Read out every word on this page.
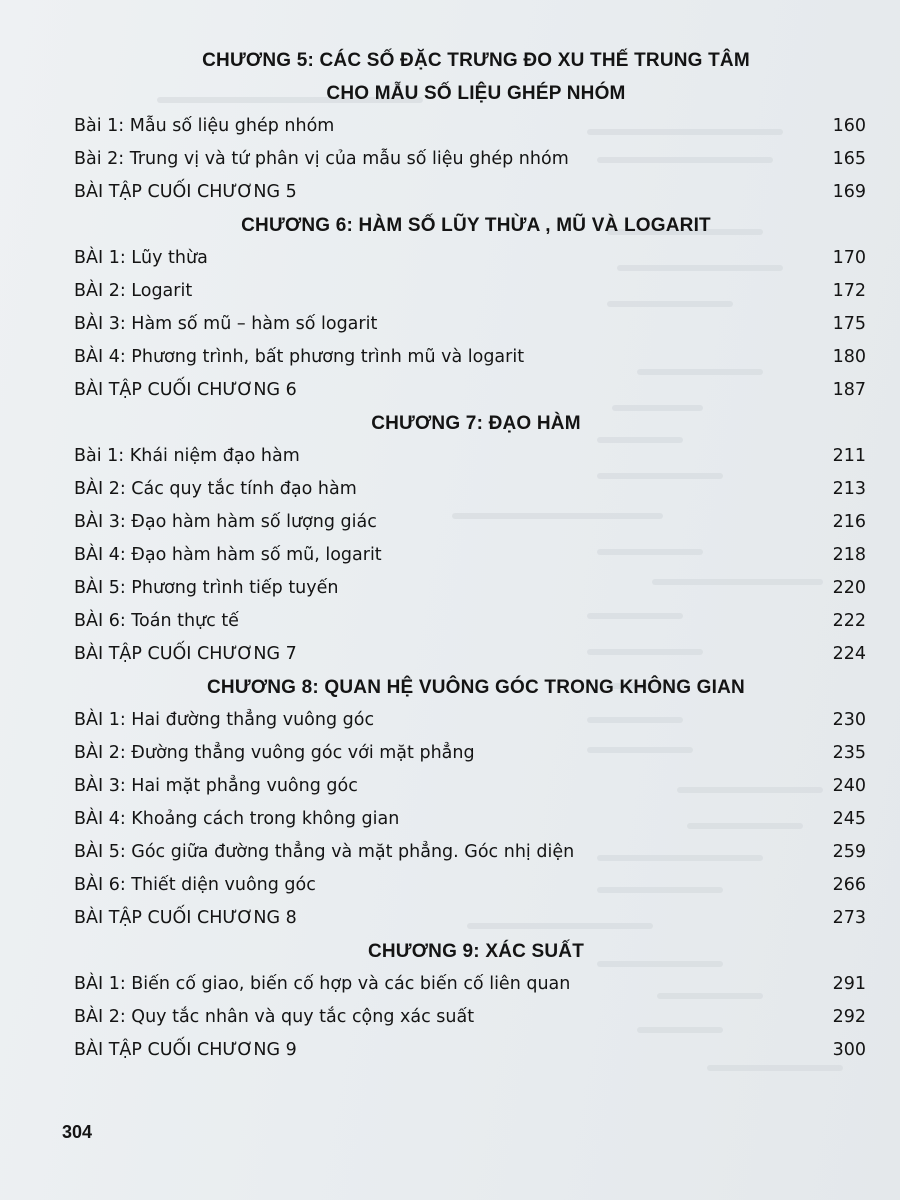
CHƯƠNG 5: CÁC SỐ ĐẶC TRƯNG ĐO XU THẾ TRUNG TÂM
CHO MẪU SỐ LIỆU GHÉP NHÓM
Bài 1: Mẫu số liệu ghép nhóm	160
Bài 2: Trung vị và tứ phân vị của mẫu số liệu ghép nhóm	165
BÀI TẬP CUỐI CHƯƠNG 5	169
CHƯƠNG 6: HÀM SỐ LŨY THỪA , MŨ VÀ LOGARIT
BÀI 1: Lũy thừa	170
BÀI 2: Logarit	172
BÀI 3: Hàm số mũ – hàm số logarit	175
BÀI 4: Phương trình, bất phương trình mũ và logarit	180
BÀI TẬP CUỐI CHƯƠNG 6	187
CHƯƠNG 7: ĐẠO HÀM
Bài 1: Khái niệm đạo hàm	211
BÀI 2: Các quy tắc tính đạo hàm	213
BÀI 3: Đạo hàm hàm số lượng giác	216
BÀI 4: Đạo hàm hàm số mũ, logarit	218
BÀI 5: Phương trình tiếp tuyến	220
BÀI 6: Toán thực tế	222
BÀI TẬP CUỐI CHƯƠNG 7	224
CHƯƠNG 8: QUAN HỆ VUÔNG GÓC TRONG KHÔNG GIAN
BÀI 1: Hai đường thẳng vuông góc	230
BÀI 2: Đường thẳng vuông góc với mặt phẳng	235
BÀI 3: Hai mặt phẳng vuông góc	240
BÀI 4: Khoảng cách trong không gian	245
BÀI 5: Góc giữa đường thẳng và mặt phẳng. Góc nhị diện	259
BÀI 6: Thiết diện vuông góc	266
BÀI TẬP CUỐI CHƯƠNG 8	273
CHƯƠNG 9: XÁC SUẤT
BÀI 1: Biến cố giao, biến cố hợp và các biến cố liên quan	291
BÀI 2: Quy tắc nhân và quy tắc cộng xác suất	292
BÀI TẬP CUỐI CHƯƠNG 9	300
304
